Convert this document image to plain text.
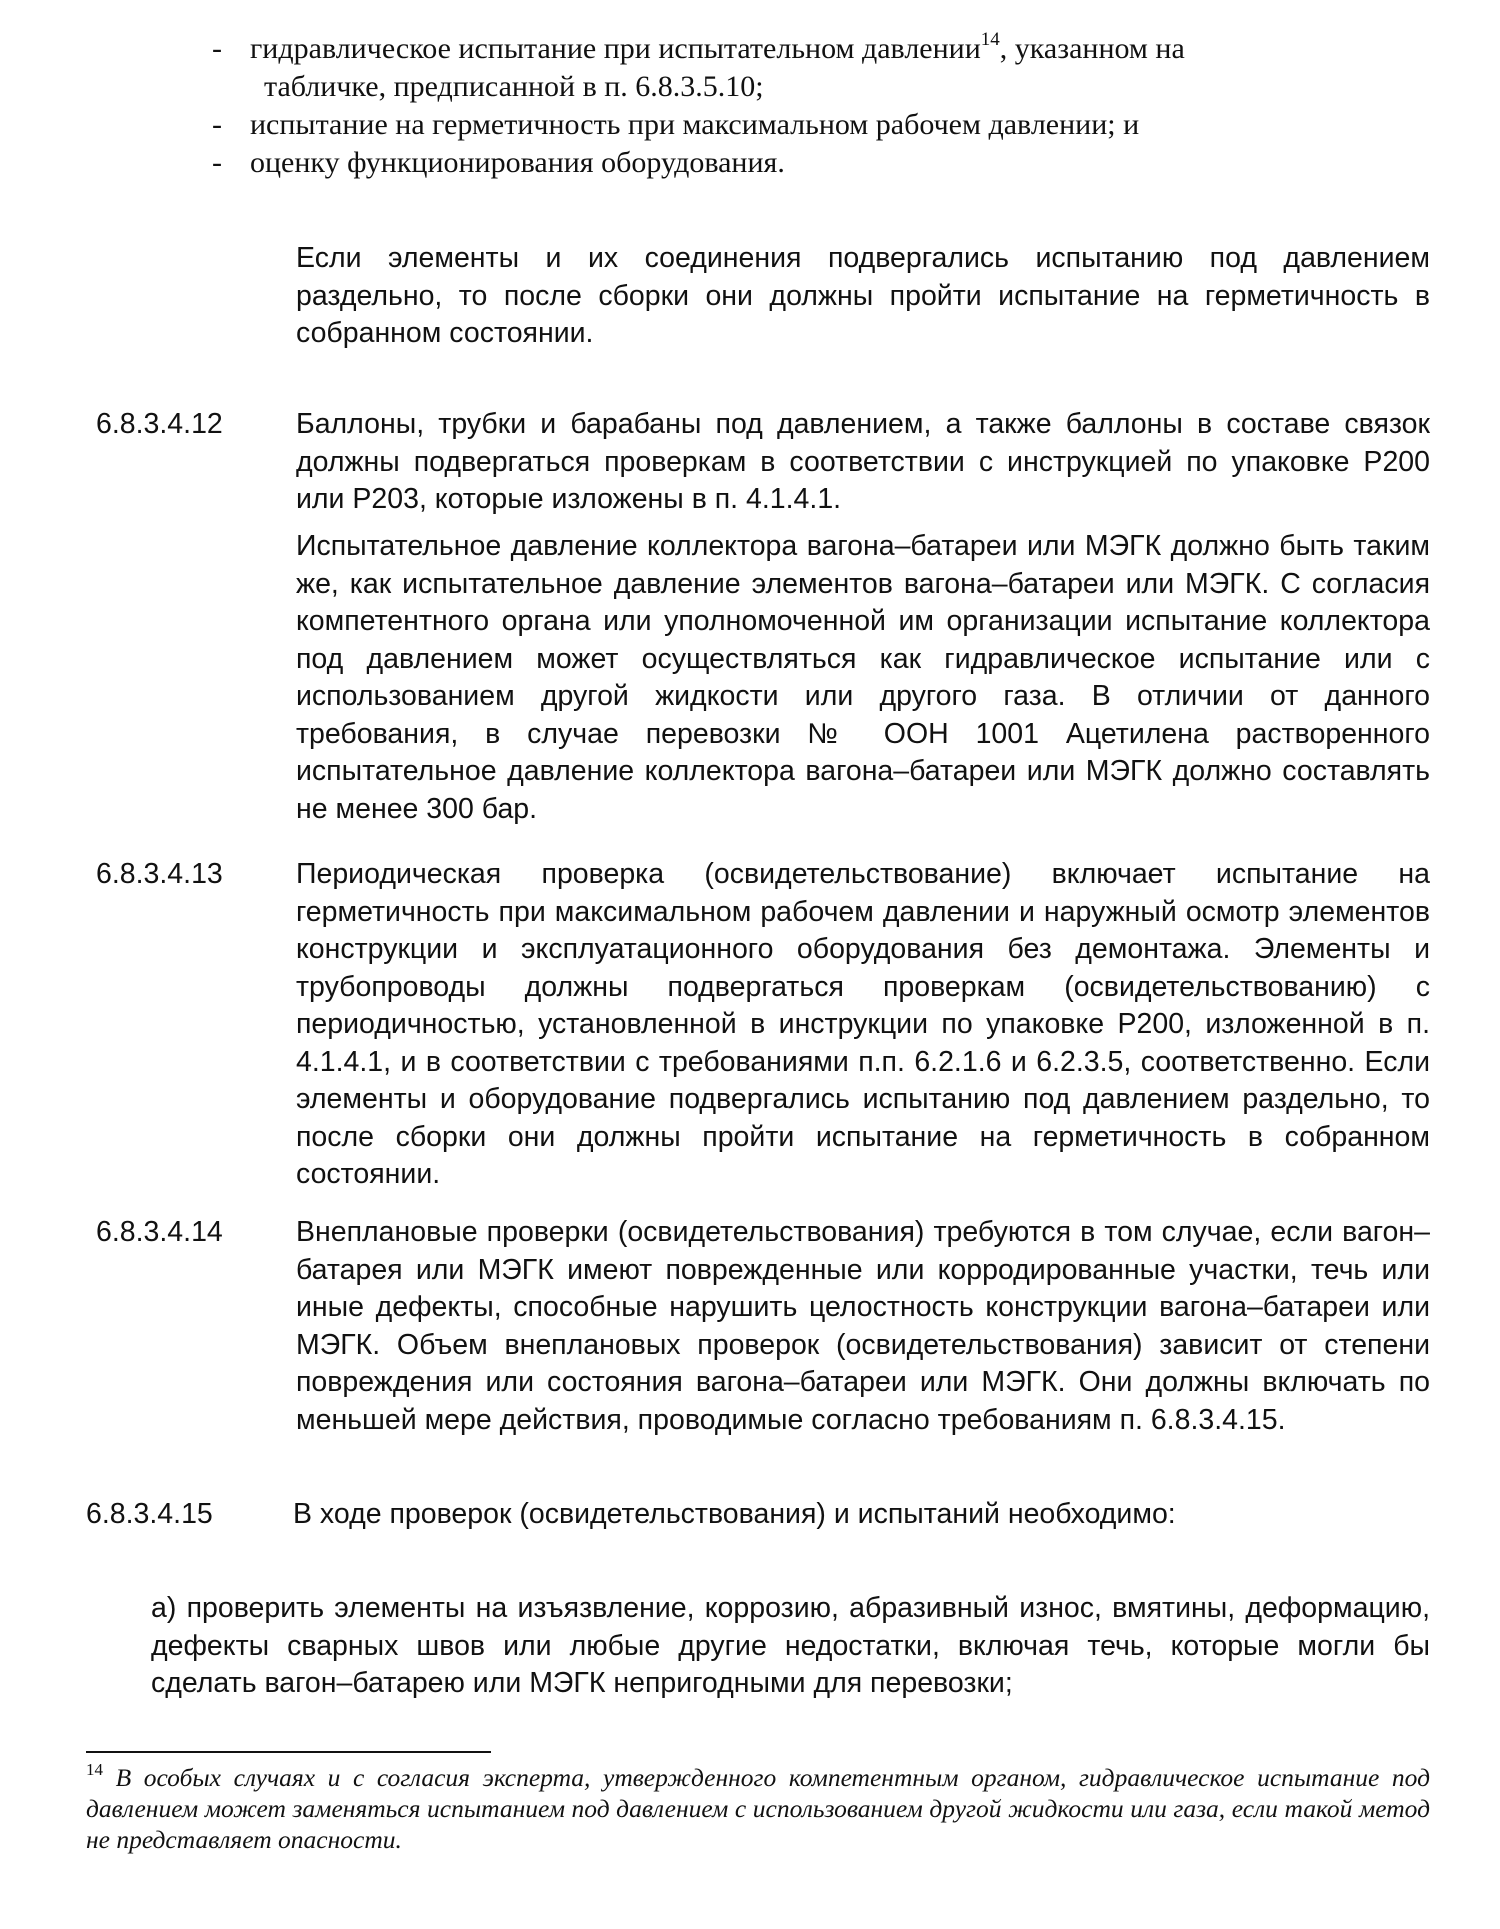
- гидравлическое испытание при испытательном давлении$^{14}$, указанном на
табличке, предписанной в п. 6.8.3.5.10;
- испытание на герметичность при максимальном рабочем давлении; и
- оценку функционирования оборудования.
Если элементы и их соединения подвергались испытанию под давлением раздельно, то после сборки они должны пройти испытание на герметичность в собранном состоянии.
6.8.3.4.12	Баллоны, трубки и барабаны под давлением, а также баллоны в составе связок должны подвергаться проверкам в соответствии с инструкцией по упаковке P200 или P203, которые изложены в п. 4.1.4.1.
Испытательное давление коллектора вагона–батареи или МЭГК должно быть таким же, как испытательное давление элементов вагона–батареи или МЭГК. С согласия компетентного органа или уполномоченной им организации испытание коллектора под давлением может осуществляться как гидравлическое испытание или с использованием другой жидкости или другого газа. В отличии от данного требования, в случае перевозки № ООН 1001 Ацетилена растворенного испытательное давление коллектора вагона–батареи или МЭГК должно составлять не менее 300 бар.
6.8.3.4.13	Периодическая проверка (освидетельствование) включает испытание на герметичность при максимальном рабочем давлении и наружный осмотр элементов конструкции и эксплуатационного оборудования без демонтажа. Элементы и трубопроводы должны подвергаться проверкам (освидетельствованию) с периодичностью, установленной в инструкции по упаковке P200, изложенной в п. 4.1.4.1, и в соответствии с требованиями п.п. 6.2.1.6 и 6.2.3.5, соответственно. Если элементы и оборудование подвергались испытанию под давлением раздельно, то после сборки они должны пройти испытание на герметичность в собранном состоянии.
6.8.3.4.14	Внеплановые проверки (освидетельствования) требуются в том случае, если вагон–батарея или МЭГК имеют поврежденные или корродированные участки, течь или иные дефекты, способные нарушить целостность конструкции вагона–батареи или МЭГК. Объем внеплановых проверок (освидетельствования) зависит от степени повреждения или состояния вагона–батареи или МЭГК. Они должны включать по меньшей мере действия, проводимые согласно требованиям п. 6.8.3.4.15.
6.8.3.4.15	В ходе проверок (освидетельствования) и испытаний необходимо:
а) проверить элементы на изъязвление, коррозию, абразивный износ, вмятины, деформацию, дефекты сварных швов или любые другие недостатки, включая течь, которые могли бы сделать вагон–батарею или МЭГК непригодными для перевозки;
$^{14}$ В особых случаях и с согласия эксперта, утвержденного компетентным органом, гидравлическое испытание под давлением может заменяться испытанием под давлением с использованием другой жидкости или газа, если такой метод не представляет опасности.
